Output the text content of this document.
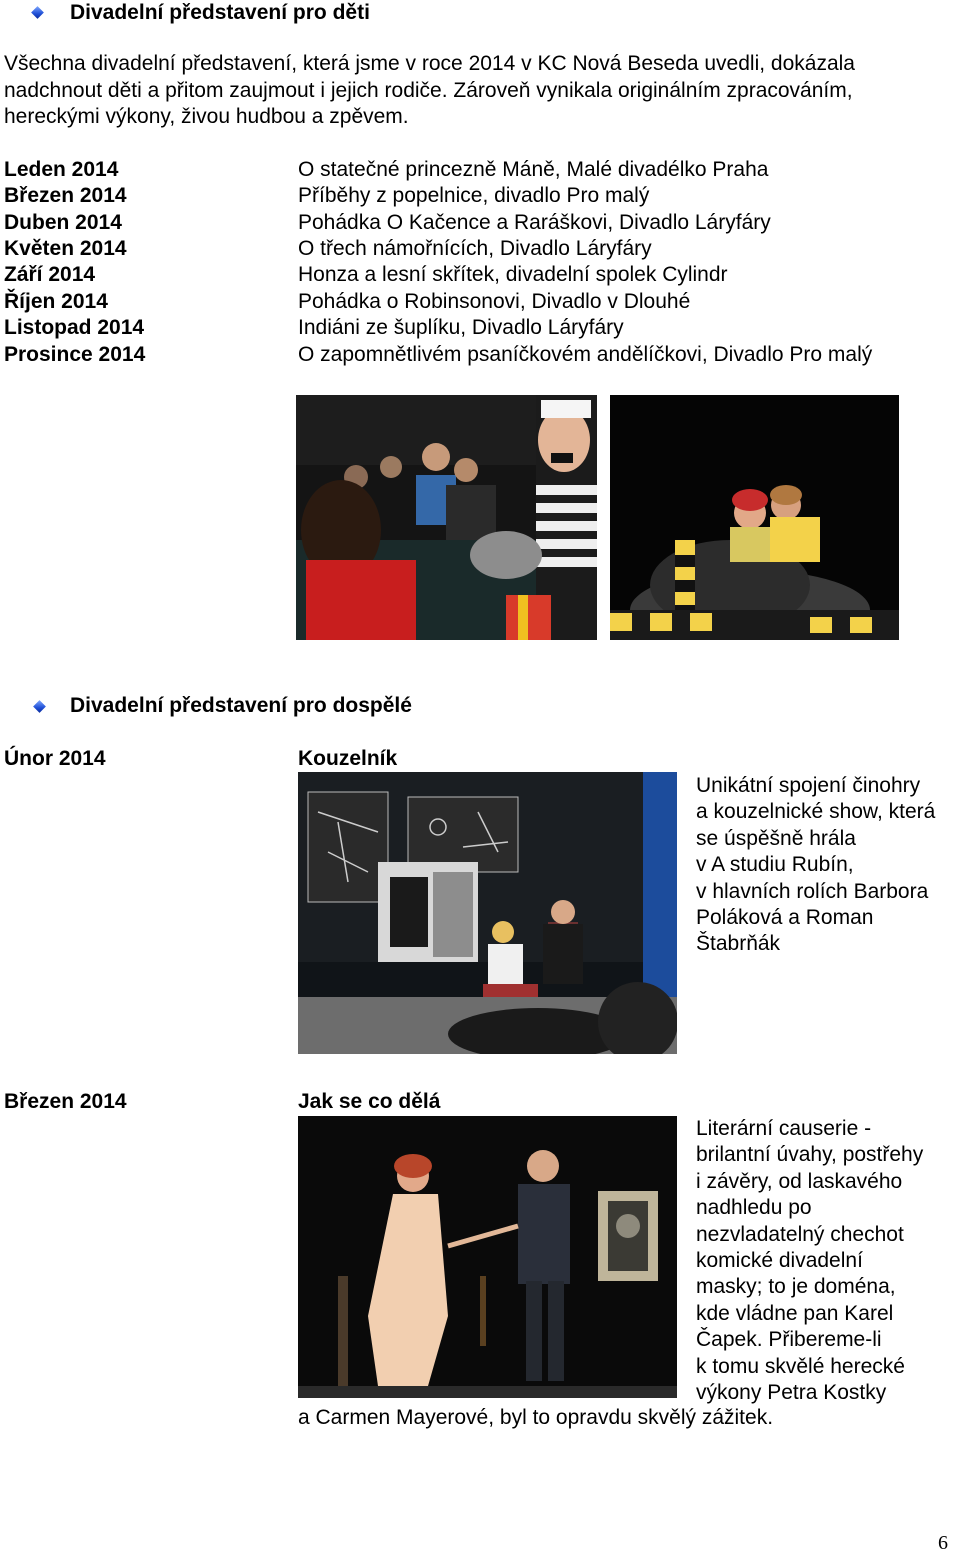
Divadelní představení pro děti
Všechna divadelní představení, která jsme v roce 2014 v KC Nová Beseda uvedli, dokázala
nadchnout děti a přitom zaujmout i jejich rodiče. Zároveň vynikala originálním zpracováním,
hereckými výkony, živou hudbou a zpěvem.
Leden 2014	O statečné princezně Máně, Malé divadélko Praha
Březen 2014	Příběhy z popelnice, divadlo Pro malý
Duben 2014	Pohádka O Kačence a Raráškovi, Divadlo Láryfáry
Květen 2014	O třech námořnících, Divadlo Láryfáry
Září 2014	Honza a lesní skřítek, divadelní spolek Cylindr
Říjen 2014	Pohádka o Robinsonovi, Divadlo v Dlouhé
Listopad 2014	Indiáni ze šuplíku, Divadlo Láryfáry
Prosince 2014	O zapomnětlivém psaníčkovém andělíčkovi, Divadlo Pro malý
Divadelní představení pro dospělé
Únor 2014	Kouzelník
Unikátní spojení činohry
a kouzelnické show, která
se úspěšně hrála
v A studiu Rubín,
v hlavních rolích Barbora
Poláková a Roman
Štabrňák
Březen 2014	Jak se co dělá
Literární causerie -
brilantní úvahy, postřehy
i závěry, od laskavého
nadhledu po
nezvladatelný chechot
komické divadelní
masky; to je doména,
kde vládne pan Karel
Čapek. Přibereme-li
k tomu skvělé herecké
výkony Petra Kostky
a Carmen Mayerové, byl to opravdu skvělý zážitek.
6
